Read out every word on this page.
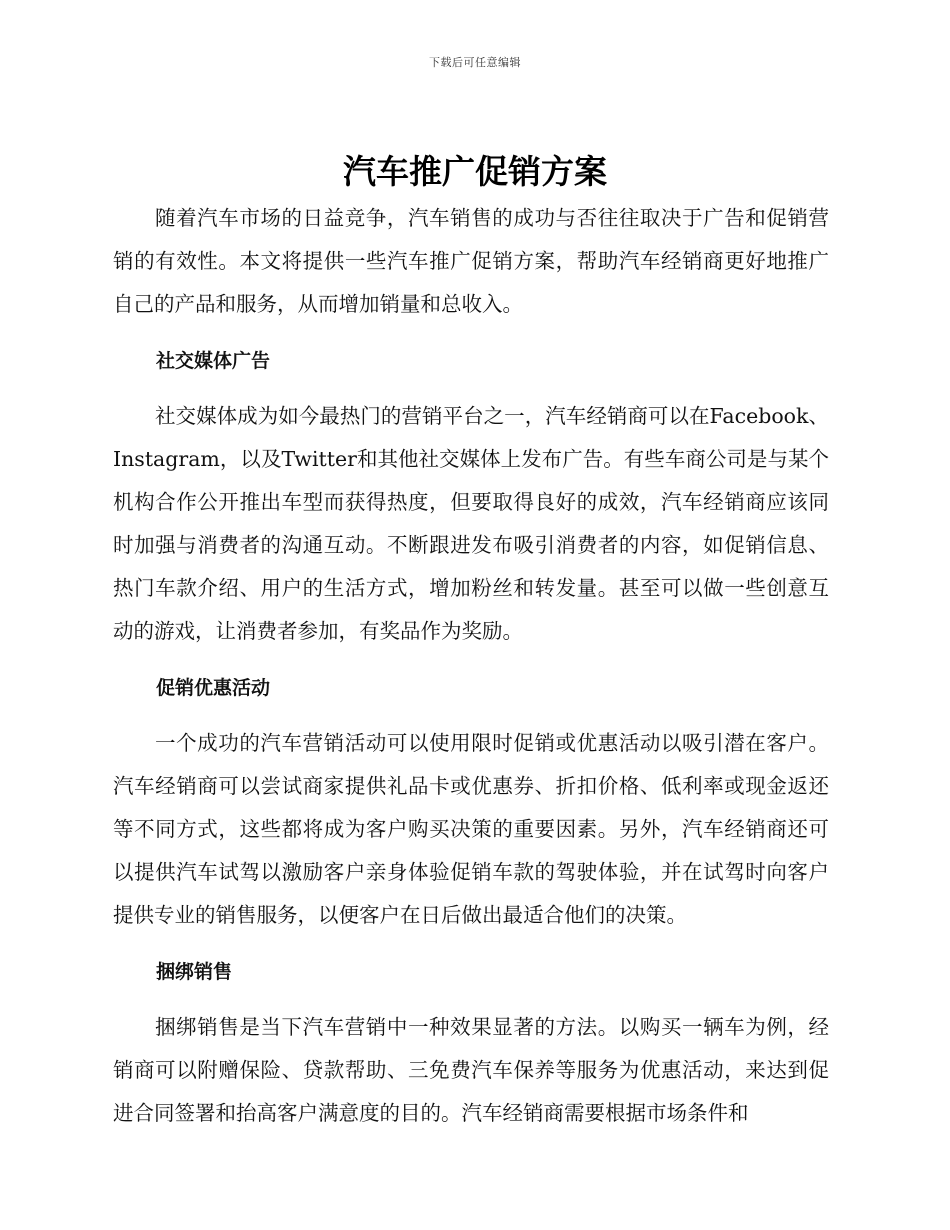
下载后可任意编辑
汽车推广促销方案

随着汽车市场的日益竞争，汽车销售的成功与否往往取决于广告和促销营销的有效性。本文将提供一些汽车推广促销方案，帮助汽车经销商更好地推广自己的产品和服务，从而增加销量和总收入。

社交媒体广告

社交媒体成为如今最热门的营销平台之一，汽车经销商可以在Facebook、Instagram，以及Twitter和其他社交媒体上发布广告。有些车商公司是与某个机构合作公开推出车型而获得热度，但要取得良好的成效，汽车经销商应该同时加强与消费者的沟通互动。不断跟进发布吸引消费者的内容，如促销信息、热门车款介绍、用户的生活方式，增加粉丝和转发量。甚至可以做一些创意互动的游戏，让消费者参加，有奖品作为奖励。

促销优惠活动

一个成功的汽车营销活动可以使用限时促销或优惠活动以吸引潜在客户。汽车经销商可以尝试商家提供礼品卡或优惠券、折扣价格、低利率或现金返还等不同方式，这些都将成为客户购买决策的重要因素。另外，汽车经销商还可以提供汽车试驾以激励客户亲身体验促销车款的驾驶体验，并在试驾时向客户提供专业的销售服务，以便客户在日后做出最适合他们的决策。

捆绑销售

捆绑销售是当下汽车营销中一种效果显著的方法。以购买一辆车为例，经销商可以附赠保险、贷款帮助、三免费汽车保养等服务为优惠活动，来达到促进合同签署和抬高客户满意度的目的。汽车经销商需要根据市场条件和
